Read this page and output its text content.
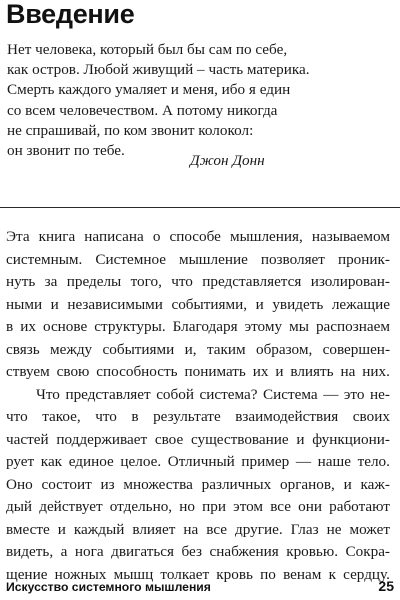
Введение
Нет человека, который был бы сам по себе,
как остров. Любой живущий – часть материка.
Смерть каждого умаляет и меня, ибо я един
со всем человечеством. А потому никогда
не спрашивай, по ком звонит колокол:
он звонит по тебе.
Джон Донн
Эта книга написана о способе мышления, называемом
системным. Системное мышление позволяет проник-
нуть за пределы того, что представляется изолирован-
ными и независимыми событиями, и увидеть лежащие
в их основе структуры. Благодаря этому мы распознаем
связь между событиями и, таким образом, совершен-
ствуем свою способность понимать их и влиять на них.
Что представляет собой система? Система — это не-
что такое, что в результате взаимодействия своих
частей поддерживает свое существование и функциони-
рует как единое целое. Отличный пример — наше тело.
Оно состоит из множества различных органов, и каж-
дый действует отдельно, но при этом все они работают
вместе и каждый влияет на все другие. Глаз не может
видеть, а нога двигаться без снабжения кровью. Сокра-
щение ножных мышц толкает кровь по венам к сердцу.
Искусство системного мышления	25
